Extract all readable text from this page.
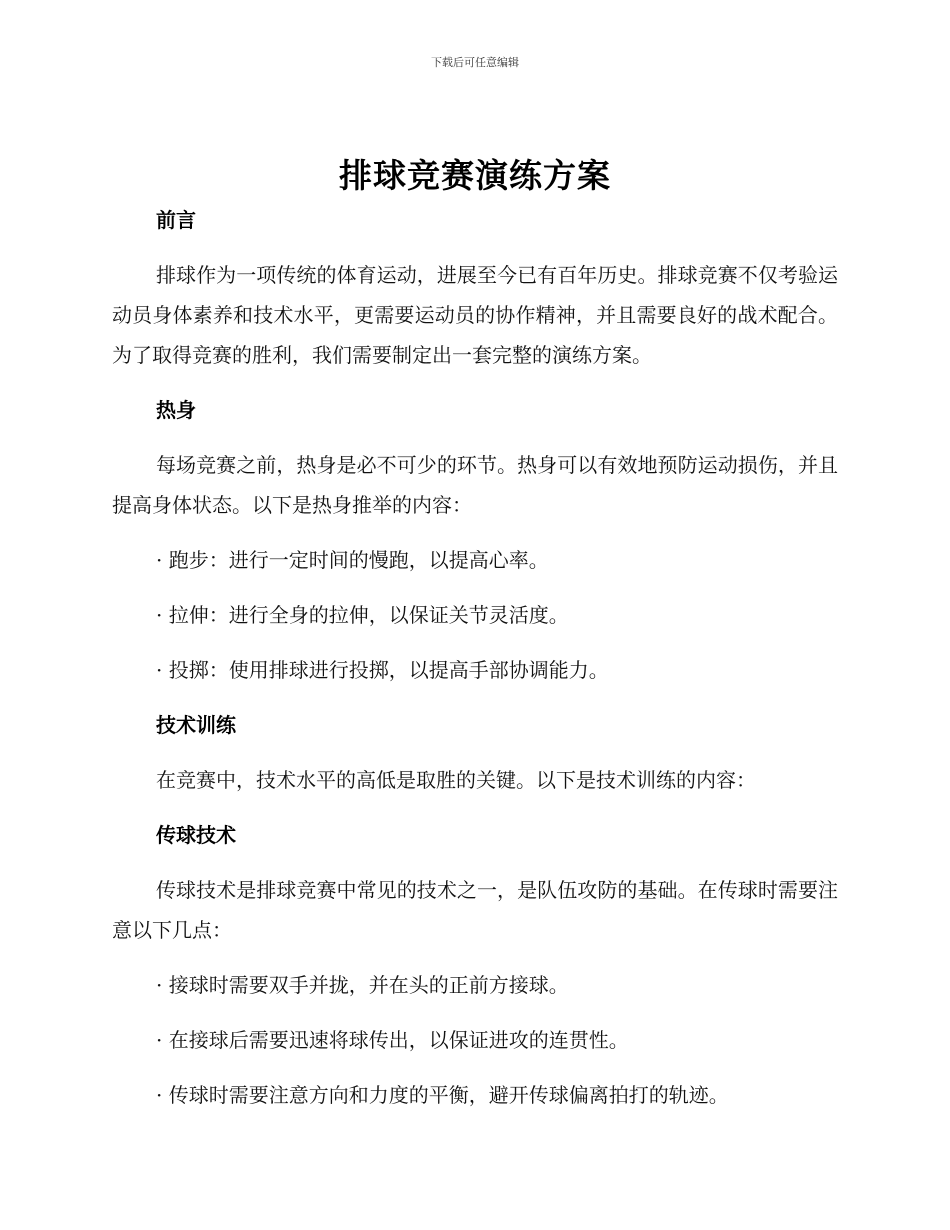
下载后可任意编辑
排球竞赛演练方案
前言
排球作为一项传统的体育运动，进展至今已有百年历史。排球竞赛不仅考验运动员身体素养和技术水平，更需要运动员的协作精神，并且需要良好的战术配合。为了取得竞赛的胜利，我们需要制定出一套完整的演练方案。
热身
每场竞赛之前，热身是必不可少的环节。热身可以有效地预防运动损伤，并且提高身体状态。以下是热身推举的内容：
· 跑步：进行一定时间的慢跑，以提高心率。
· 拉伸：进行全身的拉伸，以保证关节灵活度。
· 投掷：使用排球进行投掷，以提高手部协调能力。
技术训练
在竞赛中，技术水平的高低是取胜的关键。以下是技术训练的内容：
传球技术
传球技术是排球竞赛中常见的技术之一，是队伍攻防的基础。在传球时需要注意以下几点：
· 接球时需要双手并拢，并在头的正前方接球。
· 在接球后需要迅速将球传出，以保证进攻的连贯性。
· 传球时需要注意方向和力度的平衡，避开传球偏离拍打的轨迹。
